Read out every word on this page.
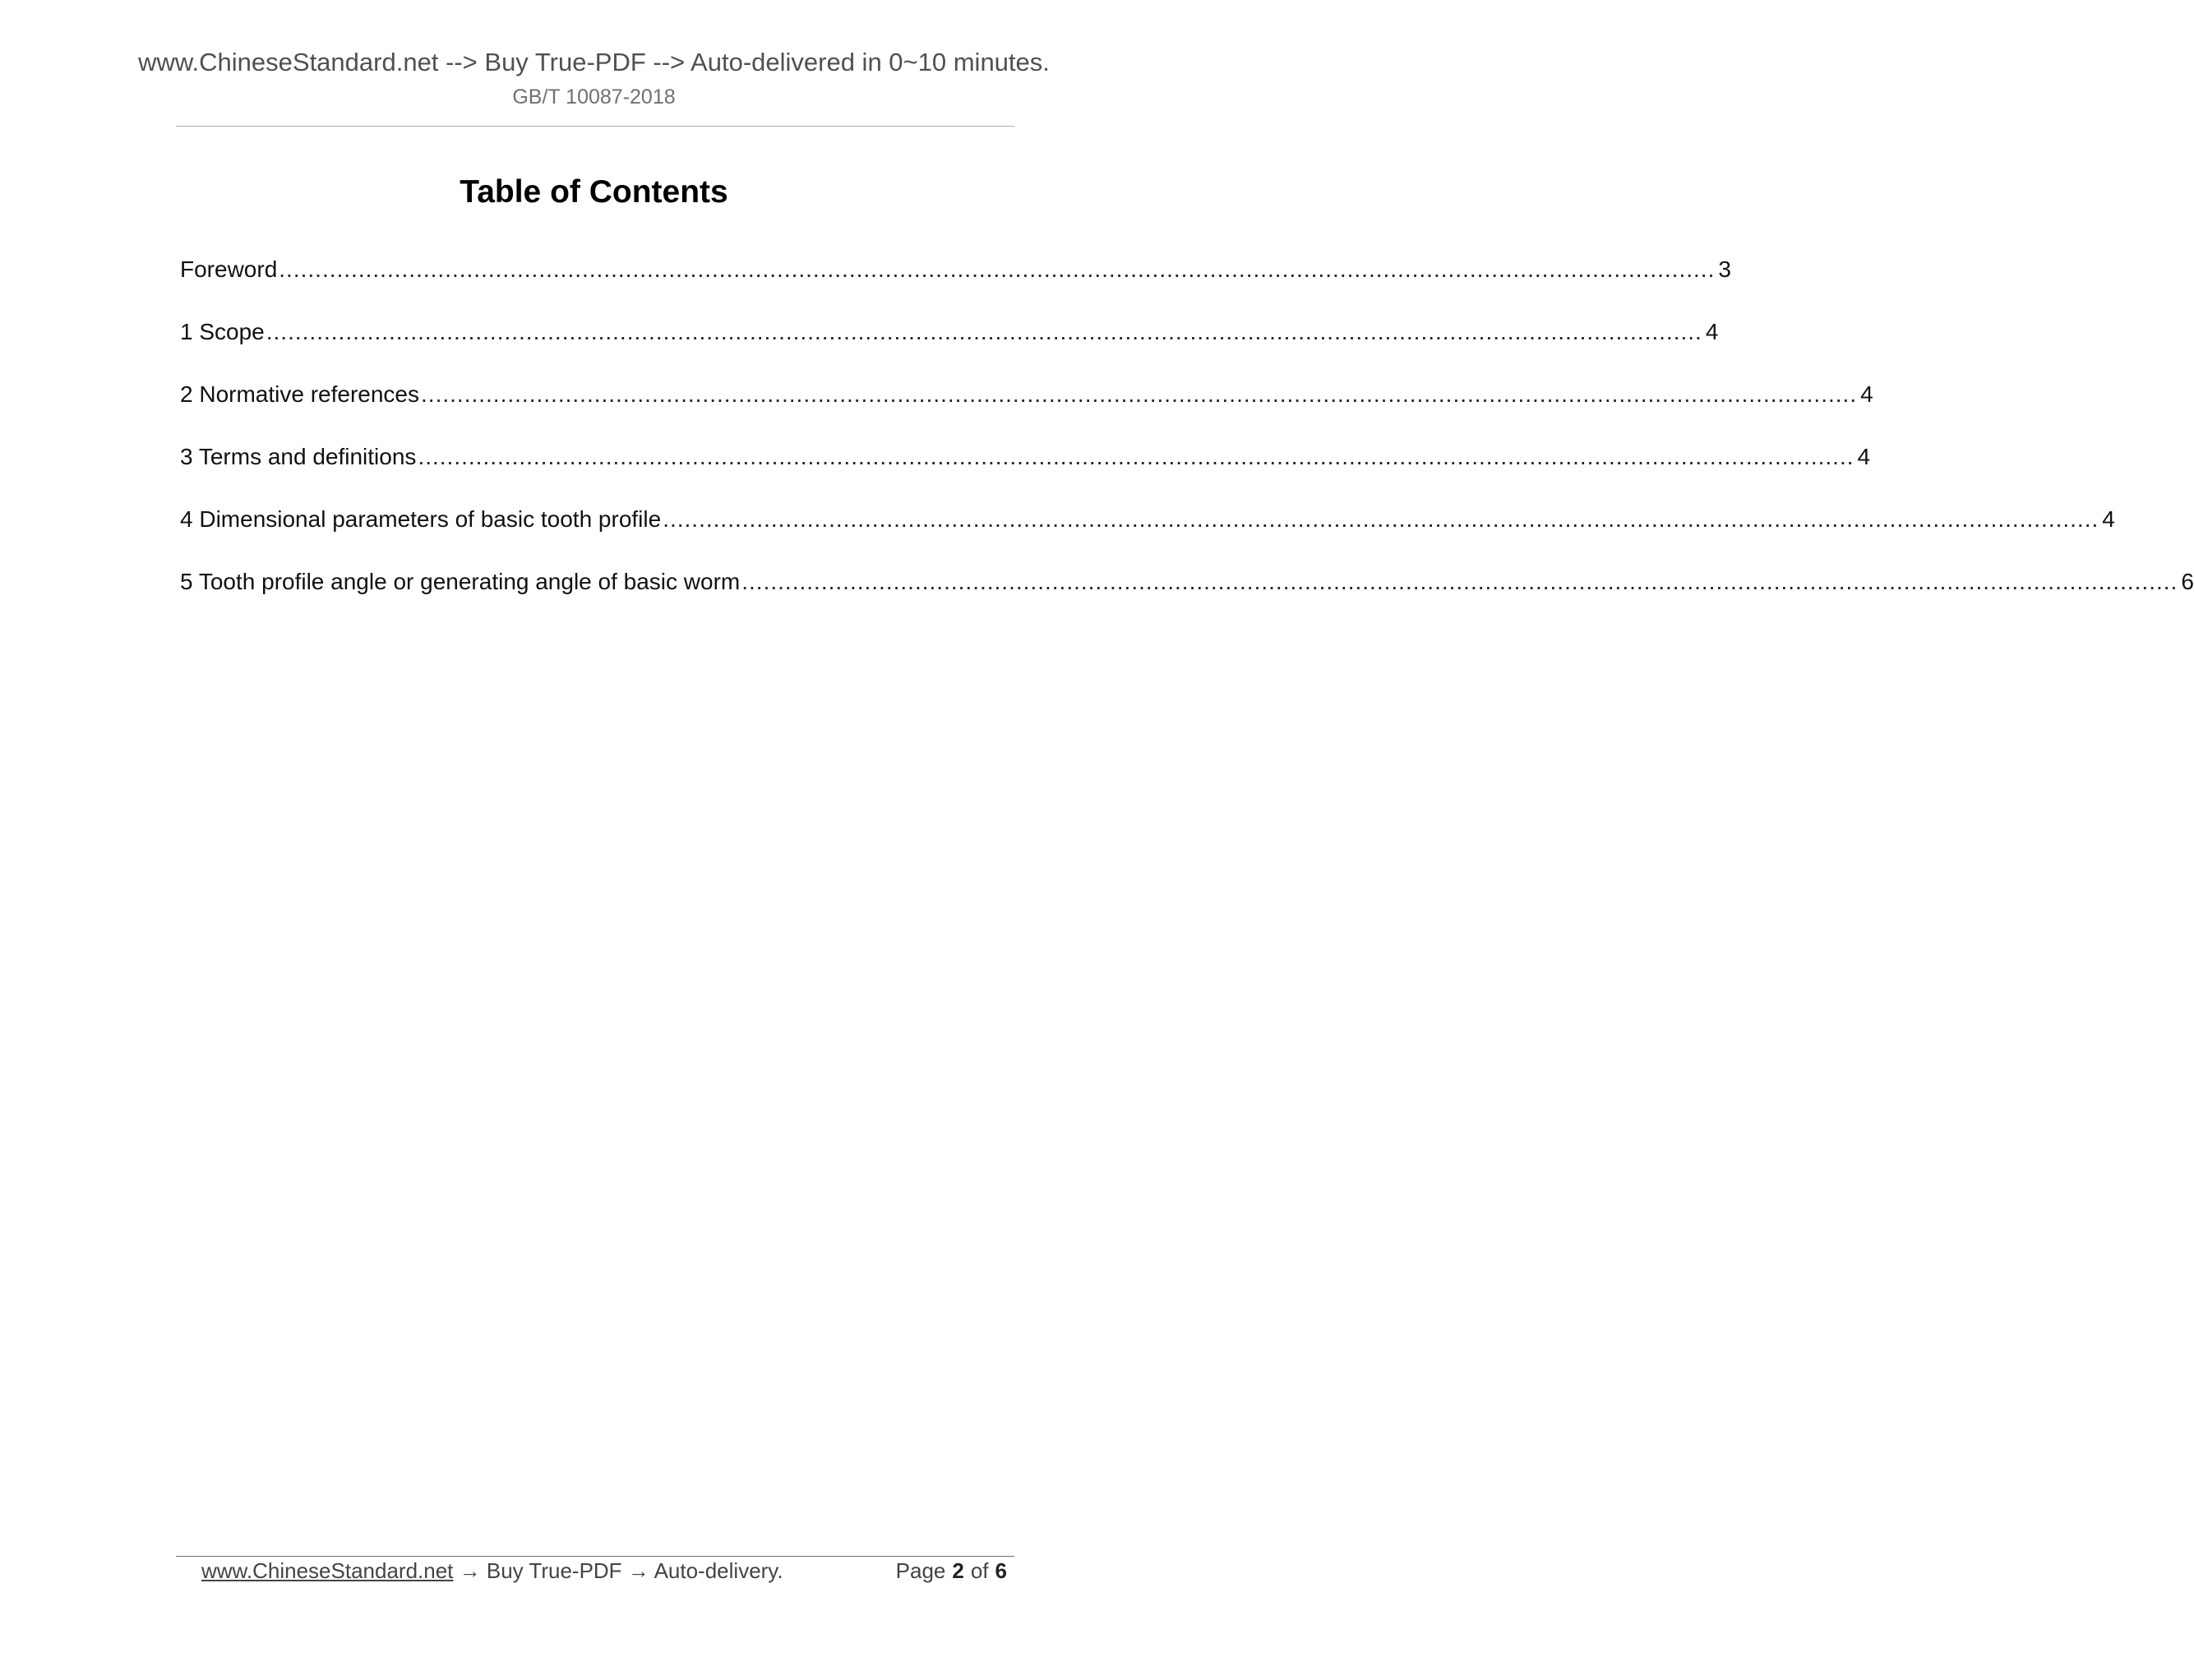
www.ChineseStandard.net --> Buy True-PDF --> Auto-delivered in 0~10 minutes.
GB/T 10087-2018
Table of Contents
Foreword ....................................................................................................................................................................................................... 3
1 Scope ....................................................................................................................................................................................................... 4
2 Normative references ....................................................................................................................................................................................................... 4
3 Terms and definitions ....................................................................................................................................................................................................... 4
4 Dimensional parameters of basic tooth profile ....................................................................................................................................................................................................... 4
5 Tooth profile angle or generating angle of basic worm ....................................................................................................................................................................................................... 6
www.ChineseStandard.net → Buy True-PDF → Auto-delivery.	Page 2 of 6
